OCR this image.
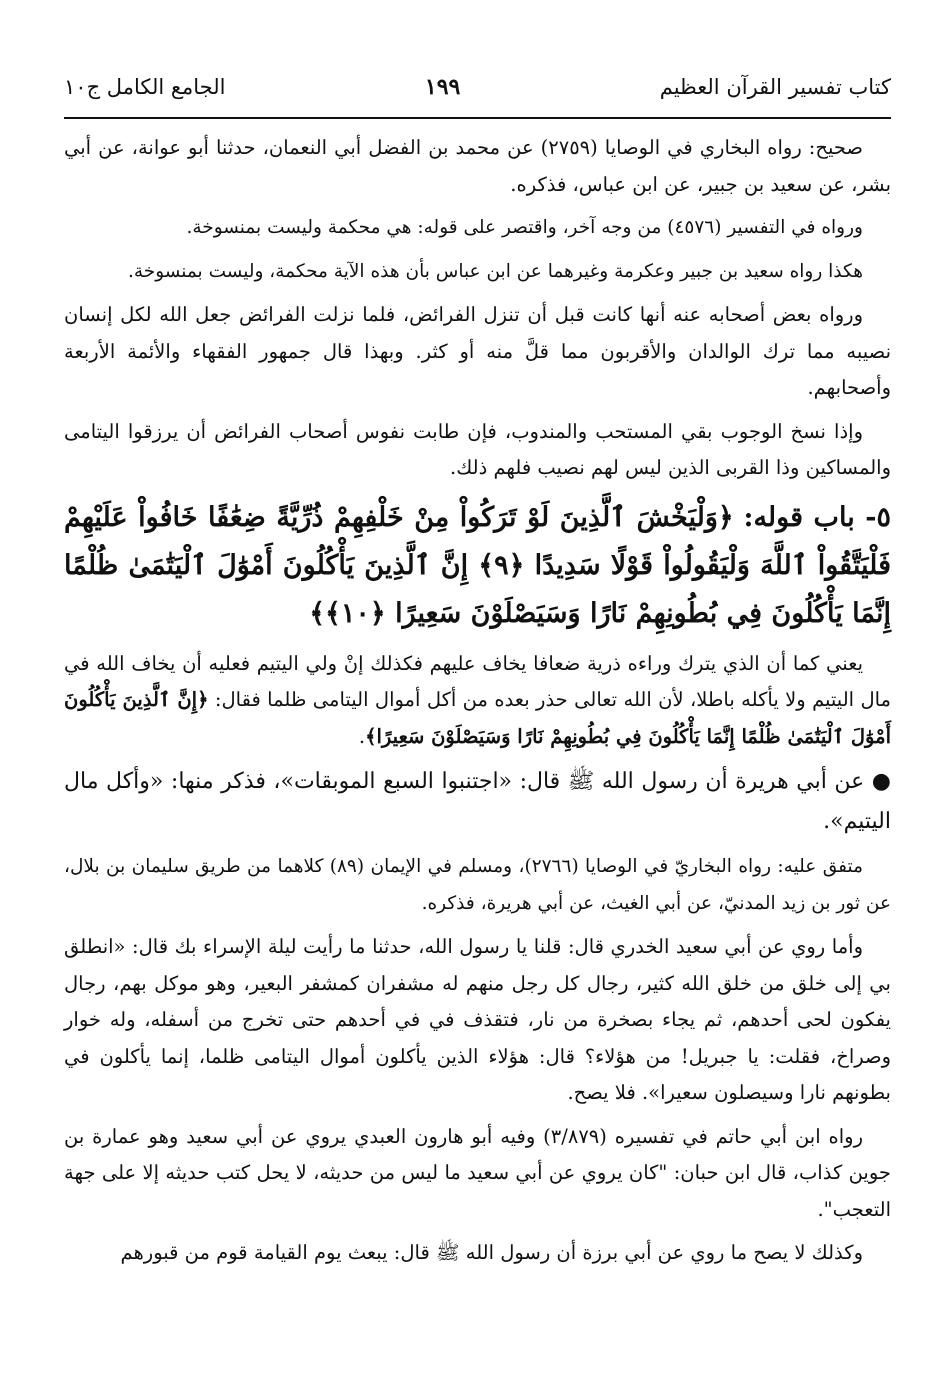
كتاب تفسير القرآن العظيم
١٩٩
الجامع الكامل ج١٠

صحيح: رواه البخاري في الوصايا (٢٧٥٩) عن محمد بن الفضل أبي النعمان، حدثنا أبو عوانة، عن أبي بشر، عن سعيد بن جبير، عن ابن عباس، فذكره.

ورواه في التفسير (٤٥٧٦) من وجه آخر، واقتصر على قوله: هي محكمة وليست بمنسوخة.

هكذا رواه سعيد بن جبير وعكرمة وغيرهما عن ابن عباس بأن هذه الآية محكمة، وليست بمنسوخة.

ورواه بعض أصحابه عنه أنها كانت قبل أن تنزل الفرائض، فلما نزلت الفرائض جعل الله لكل إنسان نصيبه مما ترك الوالدان والأقربون مما قلَّ منه أو كثر. وبهذا قال جمهور الفقهاء والأئمة الأربعة وأصحابهم.

وإذا نسخ الوجوب بقي المستحب والمندوب، فإن طابت نفوس أصحاب الفرائض أن يرزقوا اليتامى والمساكين وذا القربى الذين ليس لهم نصيب فلهم ذلك.

٥- باب قوله: ﴿وَلْيَخْشَ ٱلَّذِينَ لَوْ تَرَكُواْ مِنْ خَلْفِهِمْ ذُرِّيَّةً ضِعَٰفًا خَافُواْ عَلَيْهِمْ فَلْيَتَّقُواْ ٱللَّهَ وَلْيَقُولُواْ قَوْلًا سَدِيدًا ﴿٩﴾ إِنَّ ٱلَّذِينَ يَأْكُلُونَ أَمْوَٰلَ ٱلْيَتَٰمَىٰ ظُلْمًا إِنَّمَا يَأْكُلُونَ فِي بُطُونِهِمْ نَارًا وَسَيَصْلَوْنَ سَعِيرًا ﴿١٠﴾﴾

يعني كما أن الذي يترك وراءه ذرية ضعافا يخاف عليهم فكذلك إنْ ولي اليتيم فعليه أن يخاف الله في مال اليتيم ولا يأكله باطلا، لأن الله تعالى حذر بعده من أكل أموال اليتامى ظلما فقال: ﴿إِنَّ ٱلَّذِينَ يَأْكُلُونَ أَمْوَٰلَ ٱلْيَتَٰمَىٰ ظُلْمًا إِنَّمَا يَأْكُلُونَ فِي بُطُونِهِمْ نَارًا وَسَيَصْلَوْنَ سَعِيرًا﴾.

● عن أبي هريرة أن رسول الله ﷺ قال: «اجتنبوا السبع الموبقات»، فذكر منها: «وأكل مال اليتيم».

متفق عليه: رواه البخاريّ في الوصايا (٢٧٦٦)، ومسلم في الإيمان (٨٩) كلاهما من طريق سليمان بن بلال، عن ثور بن زيد المدنيّ، عن أبي الغيث، عن أبي هريرة، فذكره.

وأما روي عن أبي سعيد الخدري قال: قلنا يا رسول الله، حدثنا ما رأيت ليلة الإسراء بك قال: «انطلق بي إلى خلق من خلق الله كثير، رجال كل رجل منهم له مشفران كمشفر البعير، وهو موكل بهم، رجال يفكون لحى أحدهم، ثم يجاء بصخرة من نار، فتقذف في في أحدهم حتى تخرج من أسفله، وله خوار وصراخ، فقلت: يا جبريل! من هؤلاء؟ قال: هؤلاء الذين يأكلون أموال اليتامى ظلما، إنما يأكلون في بطونهم نارا وسيصلون سعيرا». فلا يصح.

رواه ابن أبي حاتم في تفسيره (٣/٨٧٩) وفيه أبو هارون العبدي يروي عن أبي سعيد وهو عمارة بن جوين كذاب، قال ابن حبان: "كان يروي عن أبي سعيد ما ليس من حديثه، لا يحل كتب حديثه إلا على جهة التعجب".

وكذلك لا يصح ما روي عن أبي برزة أن رسول الله ﷺ قال: يبعث يوم القيامة قوم من قبورهم
